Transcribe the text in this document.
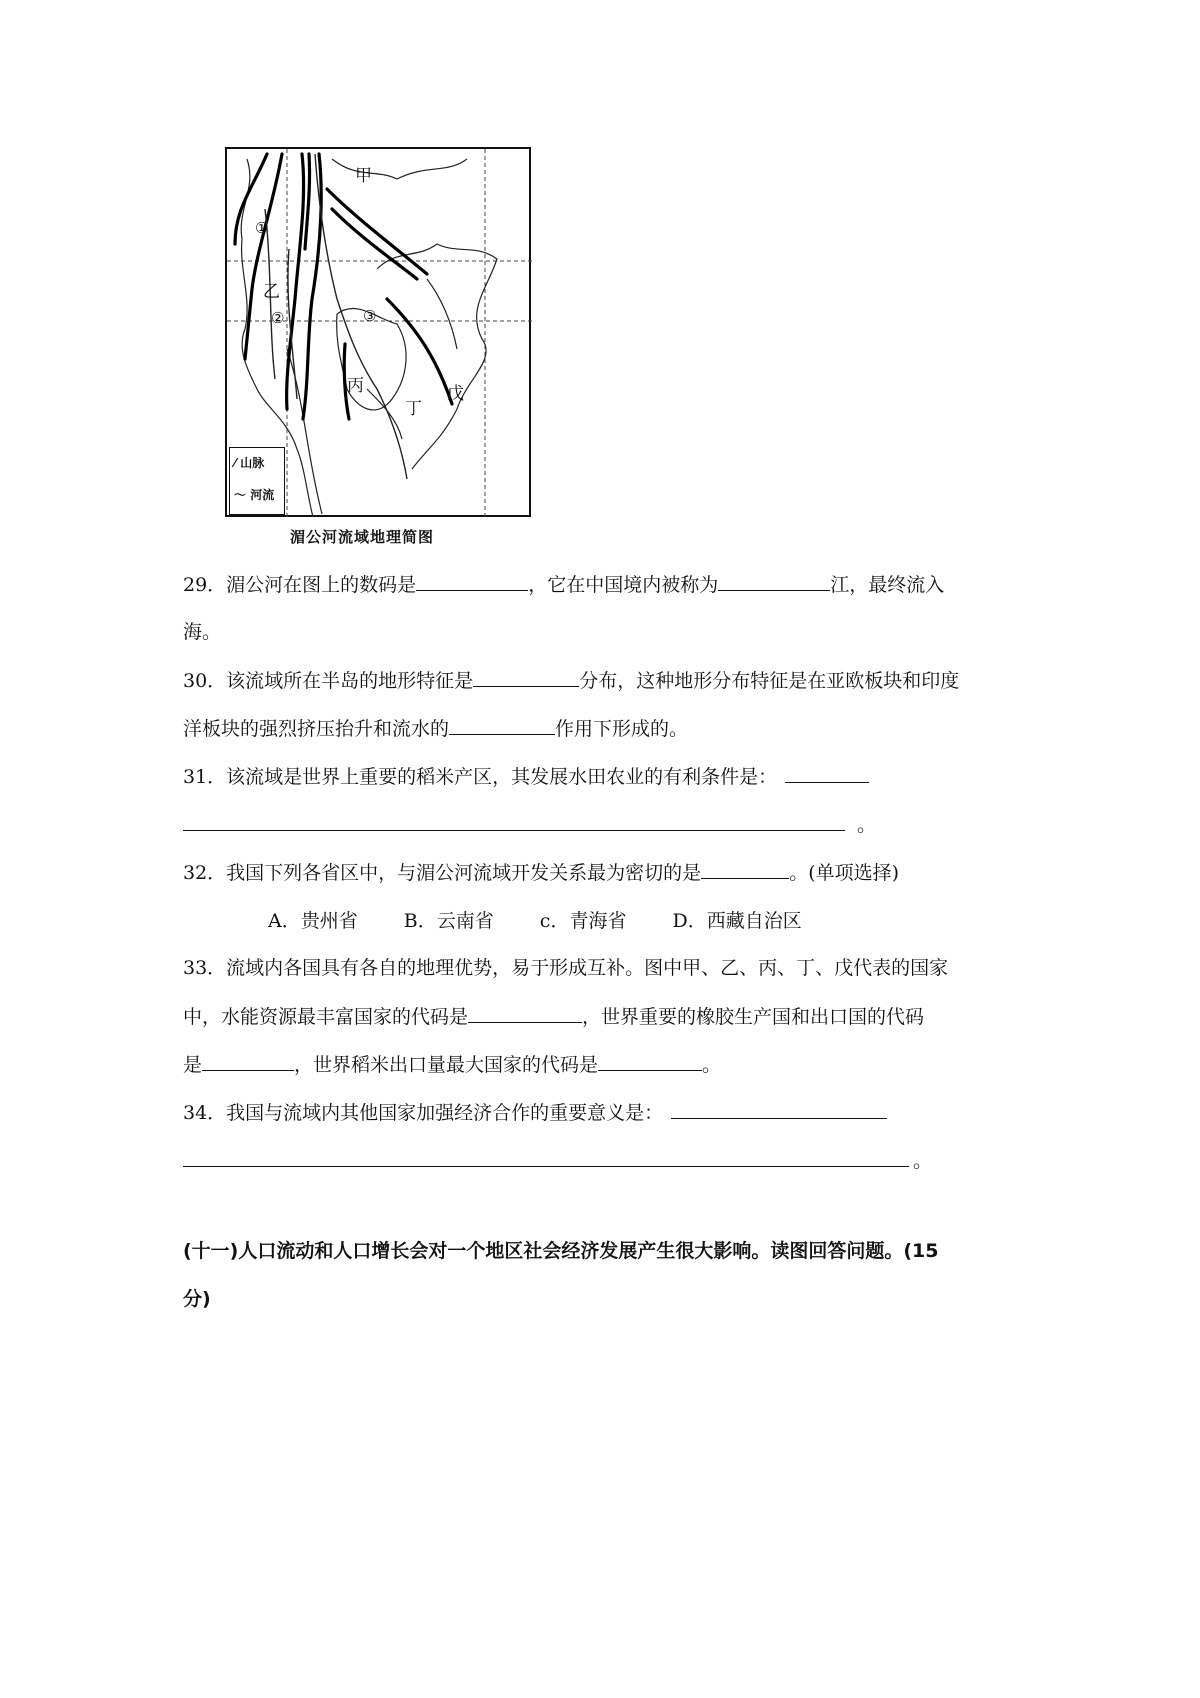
甲
①
乙
②	③
丙
丁
戊
⁄ 山脉
〜 河流
湄公河流域地理简图
29．湄公河在图上的数码是	，它在中国境内被称为	江，最终流入
海。
30．该流域所在半岛的地形特征是	分布，这种地形分布特征是在亚欧板块和印度
洋板块的强烈挤压抬升和流水的	作用下形成的。
31．该流域是世界上重要的稻米产区，其发展水田农业的有利条件是：
。
32．我国下列各省区中，与湄公河流域开发关系最为密切的是	。(单项选择)
A．贵州省 B．云南省 c．青海省 D．西藏自治区
33．流域内各国具有各自的地理优势，易于形成互补。图中甲、乙、丙、丁、戊代表的国家
中，水能资源最丰富国家的代码是	，世界重要的橡胶生产国和出口国的代码
是	，世界稻米出口量最大国家的代码是	。
34．我国与流域内其他国家加强经济合作的重要意义是：
。
(十一)人口流动和人口增长会对一个地区社会经济发展产生很大影响。读图回答问题。(15
分)
